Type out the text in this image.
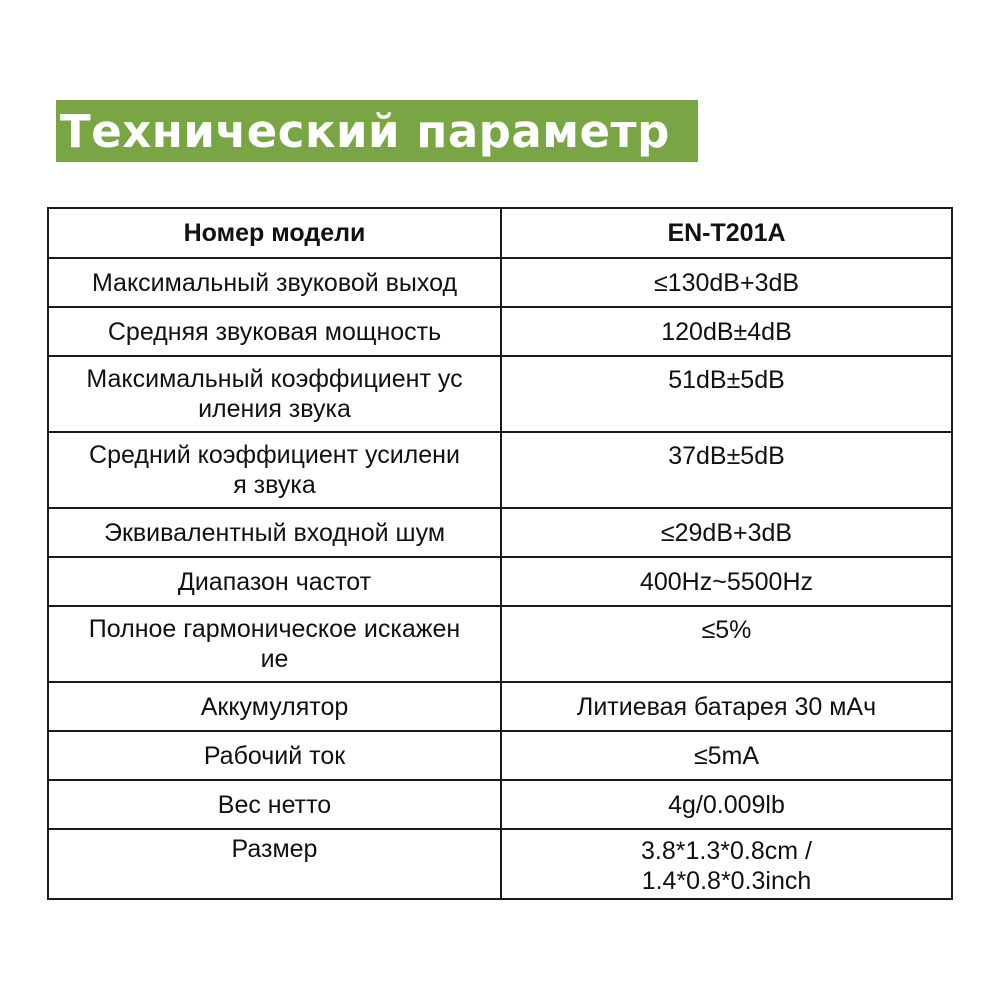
Технический параметр
Номер модели	EN-T201A
Максимальный звуковой выход	≤130dB+3dB
Средняя звуковая мощность	120dB±4dB
Максимальный коэффициент ус
иления звука	51dB±5dB
Средний коэффициент усилени
я звука	37dB±5dB
Эквивалентный входной шум	≤29dB+3dB
Диапазон частот	400Hz~5500Hz
Полное гармоническое искажен
ие	≤5%
Аккумулятор	Литиевая батарея 30 мАч
Рабочий ток	≤5mA
Вес нетто	4g/0.009lb
Размер	3.8*1.3*0.8cm /
1.4*0.8*0.3inch
